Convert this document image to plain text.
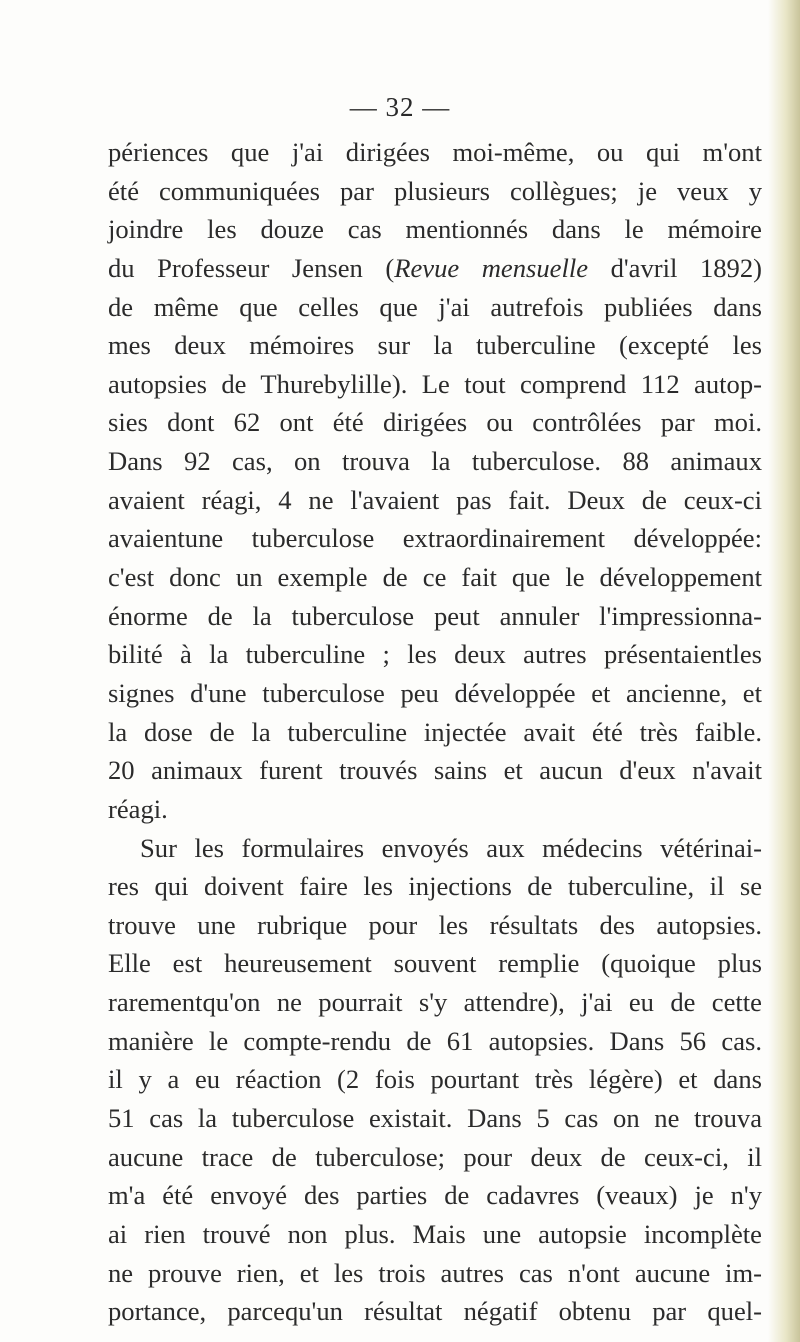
— 32 —
périences que j'ai dirigées moi-même, ou qui m'ont
été communiquées par plusieurs collègues; je veux y
joindre les douze cas mentionnés dans le mémoire
du Professeur Jensen (Revue mensuelle d'avril 1892)
de même que celles que j'ai autrefois publiées dans
mes deux mémoires sur la tuberculine (excepté les
autopsies de Thurebylille). Le tout comprend 112 autop-
sies dont 62 ont été dirigées ou contrôlées par moi.
Dans 92 cas, on trouva la tuberculose. 88 animaux
avaient réagi, 4 ne l'avaient pas fait. Deux de ceux-ci
avaientune tuberculose extraordinairement développée:
c'est donc un exemple de ce fait que le développement
énorme de la tuberculose peut annuler l'impressionna-
bilité à la tuberculine ; les deux autres présentaientles
signes d'une tuberculose peu développée et ancienne, et
la dose de la tuberculine injectée avait été très faible.
20 animaux furent trouvés sains et aucun d'eux n'avait
réagi.
Sur les formulaires envoyés aux médecins vétérinai-
res qui doivent faire les injections de tuberculine, il se
trouve une rubrique pour les résultats des autopsies.
Elle est heureusement souvent remplie (quoique plus
rarementqu'on ne pourrait s'y attendre), j'ai eu de cette
manière le compte-rendu de 61 autopsies. Dans 56 cas.
il y a eu réaction (2 fois pourtant très légère) et dans
51 cas la tuberculose existait. Dans 5 cas on ne trouva
aucune trace de tuberculose; pour deux de ceux-ci, il
m'a été envoyé des parties de cadavres (veaux) je n'y
ai rien trouvé non plus. Mais une autopsie incomplète
ne prouve rien, et les trois autres cas n'ont aucune im-
portance, parcequ'un résultat négatif obtenu par quel-
